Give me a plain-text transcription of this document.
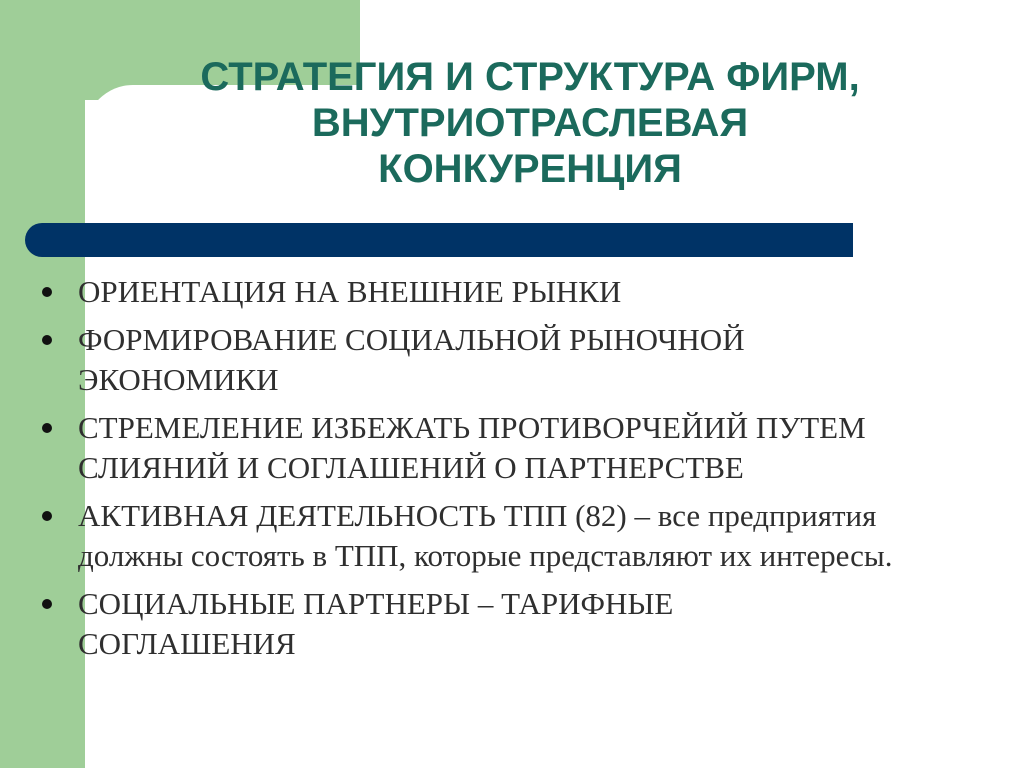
СТРАТЕГИЯ И СТРУКТУРА ФИРМ,
ВНУТРИОТРАСЛЕВАЯ
КОНКУРЕНЦИЯ
ОРИЕНТАЦИЯ НА ВНЕШНИЕ РЫНКИ
ФОРМИРОВАНИЕ СОЦИАЛЬНОЙ РЫНОЧНОЙ
ЭКОНОМИКИ
СТРЕМЕЛЕНИЕ ИЗБЕЖАТЬ ПРОТИВОРЧЕЙИЙ ПУТЕМ
СЛИЯНИЙ И СОГЛАШЕНИЙ О ПАРТНЕРСТВЕ
АКТИВНАЯ ДЕЯТЕЛЬНОСТЬ ТПП (82) – все предприятия
должны состоять в ТПП, которые представляют их интересы.
СОЦИАЛЬНЫЕ ПАРТНЕРЫ – ТАРИФНЫЕ
СОГЛАШЕНИЯ
